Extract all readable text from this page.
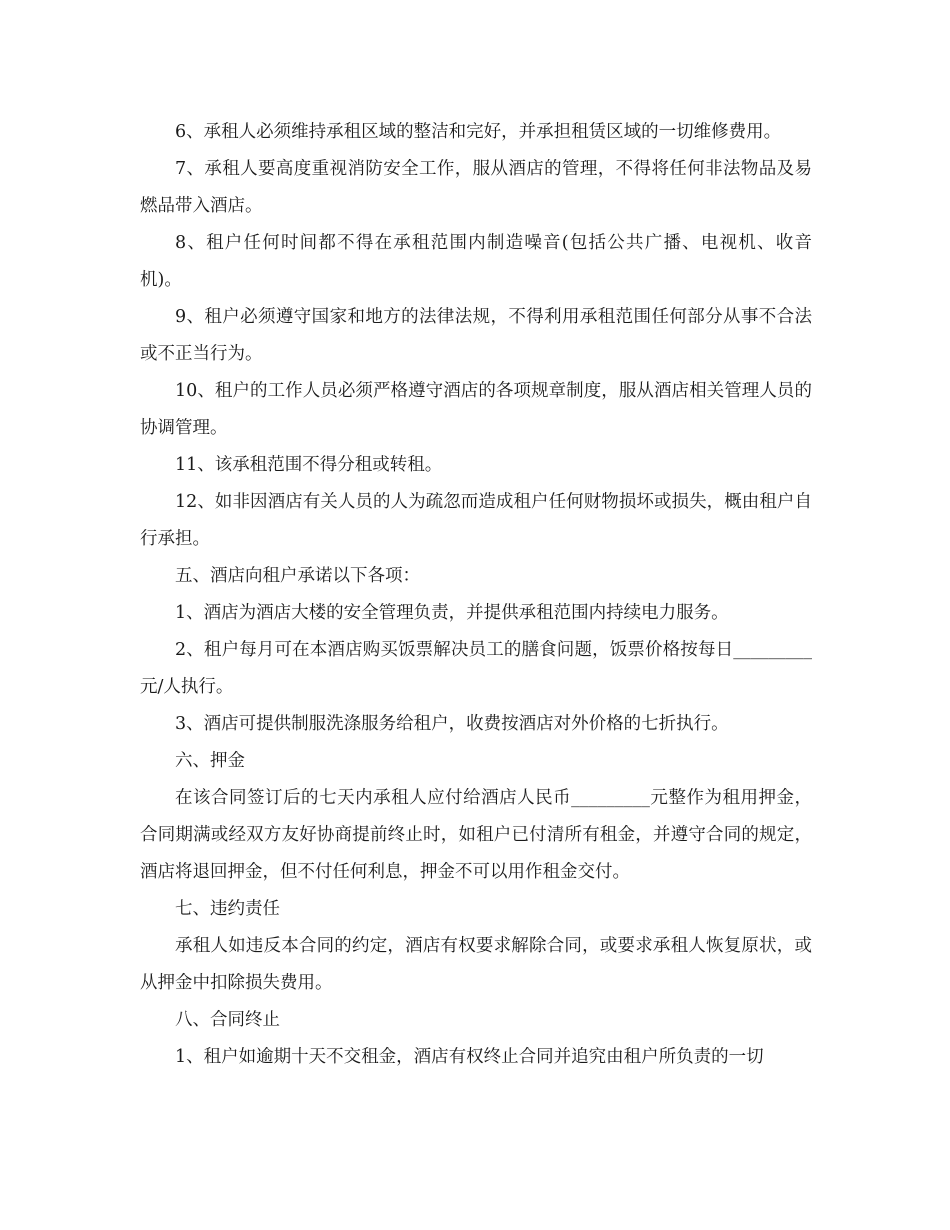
6、承租人必须维持承租区域的整洁和完好，并承担租赁区域的一切维修费用。

7、承租人要高度重视消防安全工作，服从酒店的管理，不得将任何非法物品及易燃品带入酒店。

8、租户任何时间都不得在承租范围内制造噪音(包括公共广播、电视机、收音机)。

9、租户必须遵守国家和地方的法律法规，不得利用承租范围任何部分从事不合法或不正当行为。

10、租户的工作人员必须严格遵守酒店的各项规章制度，服从酒店相关管理人员的协调管理。

11、该承租范围不得分租或转租。

12、如非因酒店有关人员的人为疏忽而造成租户任何财物损坏或损失，概由租户自行承担。

五、酒店向租户承诺以下各项：

1、酒店为酒店大楼的安全管理负责，并提供承租范围内持续电力服务。

2、租户每月可在本酒店购买饭票解决员工的膳食问题，饭票价格按每日_________元/人执行。

3、酒店可提供制服洗涤服务给租户，收费按酒店对外价格的七折执行。

六、押金

在该合同签订后的七天内承租人应付给酒店人民币_________元整作为租用押金，合同期满或经双方友好协商提前终止时，如租户已付清所有租金，并遵守合同的规定，酒店将退回押金，但不付任何利息，押金不可以用作租金交付。

七、违约责任

承租人如违反本合同的约定，酒店有权要求解除合同，或要求承租人恢复原状，或从押金中扣除损失费用。

八、合同终止

1、租户如逾期十天不交租金，酒店有权终止合同并追究由租户所负责的一切
